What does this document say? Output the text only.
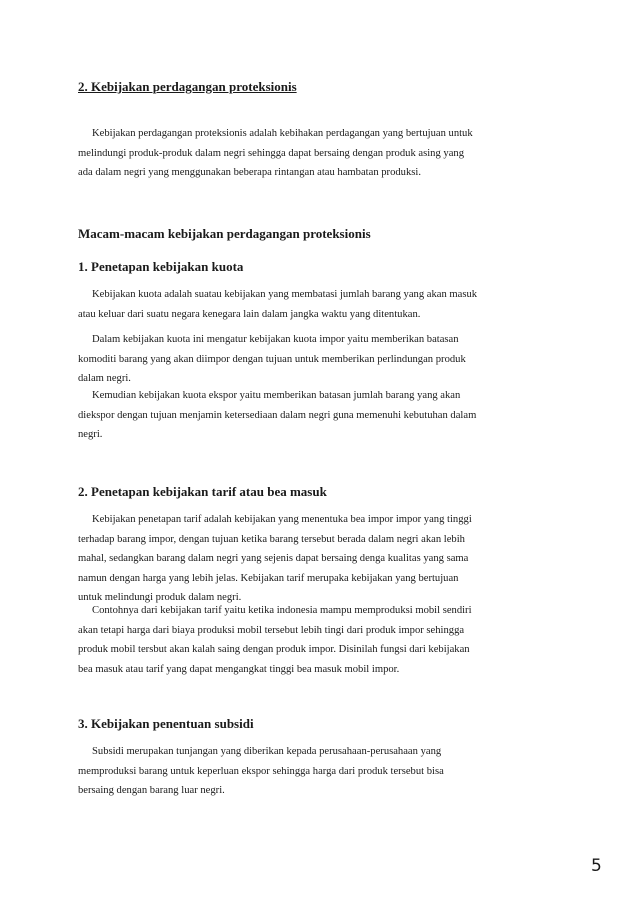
2. Kebijakan perdagangan proteksionis

Kebijakan perdagangan proteksionis adalah kebihakan perdagangan yang bertujuan untuk
melindungi produk-produk dalam negri sehingga dapat bersaing dengan produk asing yang
ada dalam negri yang menggunakan beberapa rintangan atau hambatan produksi.

Macam-macam kebijakan perdagangan proteksionis
1. Penetapan kebijakan kuota

Kebijakan kuota adalah suatau kebijakan yang membatasi jumlah barang yang akan masuk
atau keluar dari suatu negara kenegara lain dalam jangka waktu yang ditentukan.

Dalam kebijakan kuota ini mengatur kebijakan kuota impor yaitu memberikan batasan
komoditi barang yang akan diimpor dengan tujuan untuk memberikan perlindungan produk
dalam negri.

Kemudian kebijakan kuota ekspor yaitu memberikan batasan jumlah barang yang akan
diekspor dengan tujuan menjamin ketersediaan dalam negri guna memenuhi kebutuhan dalam
negri.

2. Penetapan kebijakan tarif atau bea masuk

Kebijakan penetapan tarif adalah kebijakan yang menentuka bea impor impor yang tinggi
terhadap barang impor, dengan tujuan ketika barang tersebut berada dalam negri akan lebih
mahal, sedangkan barang dalam negri yang sejenis dapat bersaing denga kualitas yang sama
namun dengan harga yang lebih jelas. Kebijakan tarif merupaka kebijakan yang bertujuan
untuk melindungi produk dalam negri.

Contohnya dari kebijakan tarif yaitu ketika indonesia mampu memproduksi mobil sendiri
akan tetapi harga dari biaya produksi mobil tersebut lebih tingi dari produk impor sehingga
produk mobil tersbut akan kalah saing dengan produk impor. Disinilah fungsi dari kebijakan
bea masuk atau tarif yang dapat mengangkat tinggi bea masuk mobil impor.

3. Kebijakan penentuan subsidi

Subsidi merupakan tunjangan yang diberikan kepada perusahaan-perusahaan yang
memproduksi barang untuk keperluan ekspor sehingga harga dari produk tersebut bisa
bersaing dengan barang luar negri.

5
